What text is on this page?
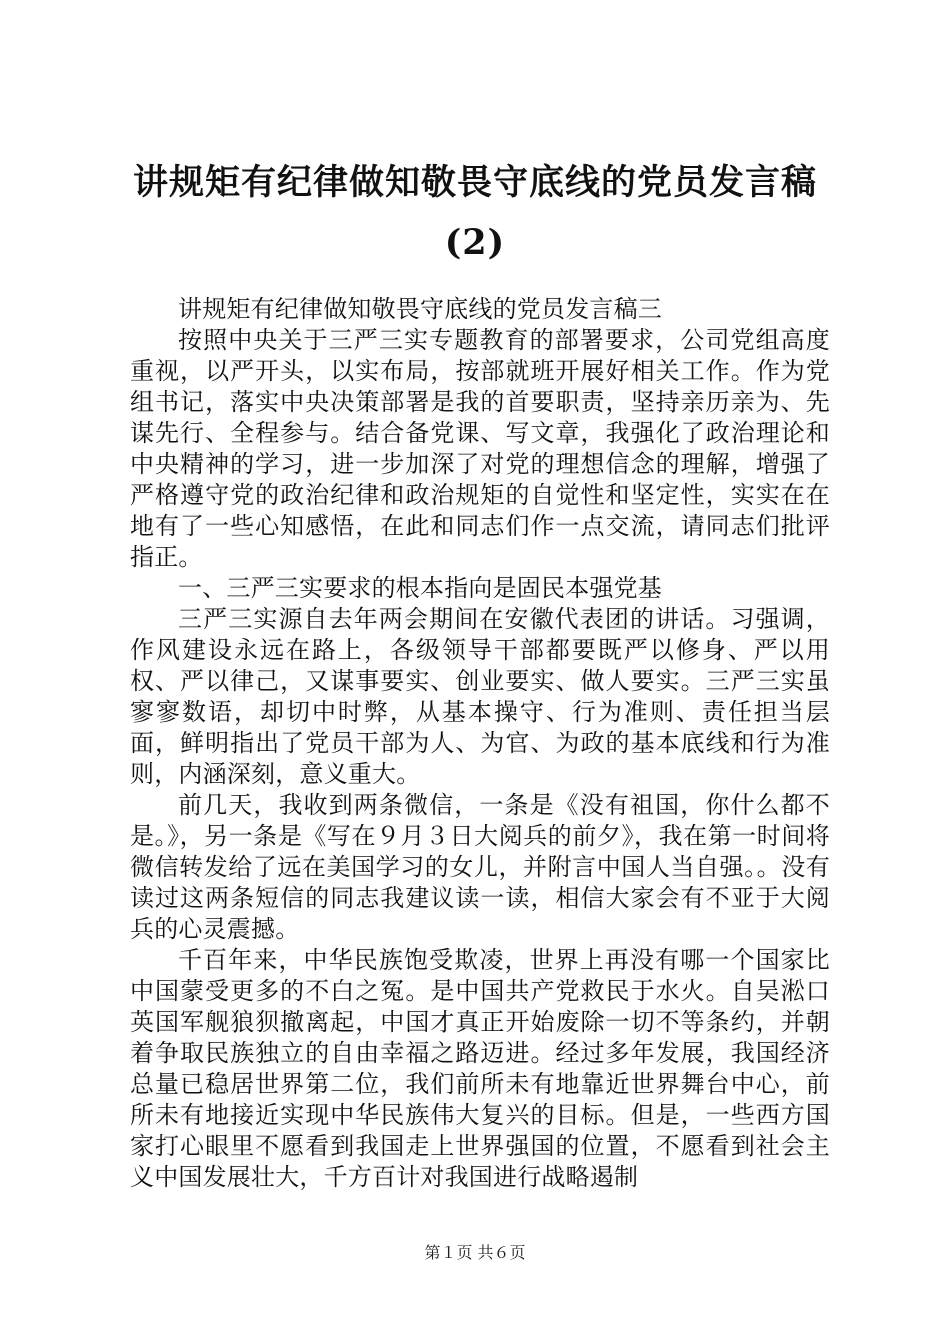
讲规矩有纪律做知敬畏守底线的党员发言稿
(2)

讲规矩有纪律做知敬畏守底线的党员发言稿三

按照中央关于三严三实专题教育的部署要求，公司党组高度重视，以严开头，以实布局，按部就班开展好相关工作。作为党组书记，落实中央决策部署是我的首要职责，坚持亲历亲为、先谋先行、全程参与。结合备党课、写文章，我强化了政治理论和中央精神的学习，进一步加深了对党的理想信念的理解，增强了严格遵守党的政治纪律和政治规矩的自觉性和坚定性，实实在在地有了一些心知感悟，在此和同志们作一点交流，请同志们批评指正。

一、三严三实要求的根本指向是固民本强党基

三严三实源自去年两会期间在安徽代表团的讲话。习强调，作风建设永远在路上，各级领导干部都要既严以修身、严以用权、严以律己，又谋事要实、创业要实、做人要实。三严三实虽寥寥数语，却切中时弊，从基本操守、行为准则、责任担当层面，鲜明指出了党员干部为人、为官、为政的基本底线和行为准则，内涵深刻，意义重大。

前几天，我收到两条微信，一条是《没有祖国，你什么都不是。》，另一条是《写在９月３日大阅兵的前夕》，我在第一时间将微信转发给了远在美国学习的女儿，并附言中国人当自强。。没有读过这两条短信的同志我建议读一读，相信大家会有不亚于大阅兵的心灵震撼。

千百年来，中华民族饱受欺凌，世界上再没有哪一个国家比中国蒙受更多的不白之冤。是中国共产党救民于水火。自吴淞口英国军舰狼狈撤离起，中国才真正开始废除一切不等条约，并朝着争取民族独立的自由幸福之路迈进。经过多年发展，我国经济总量已稳居世界第二位，我们前所未有地靠近世界舞台中心，前所未有地接近实现中华民族伟大复兴的目标。但是，一些西方国家打心眼里不愿看到我国走上世界强国的位置，不愿看到社会主义中国发展壮大，千方百计对我国进行战略遏制

第１页 共６页
